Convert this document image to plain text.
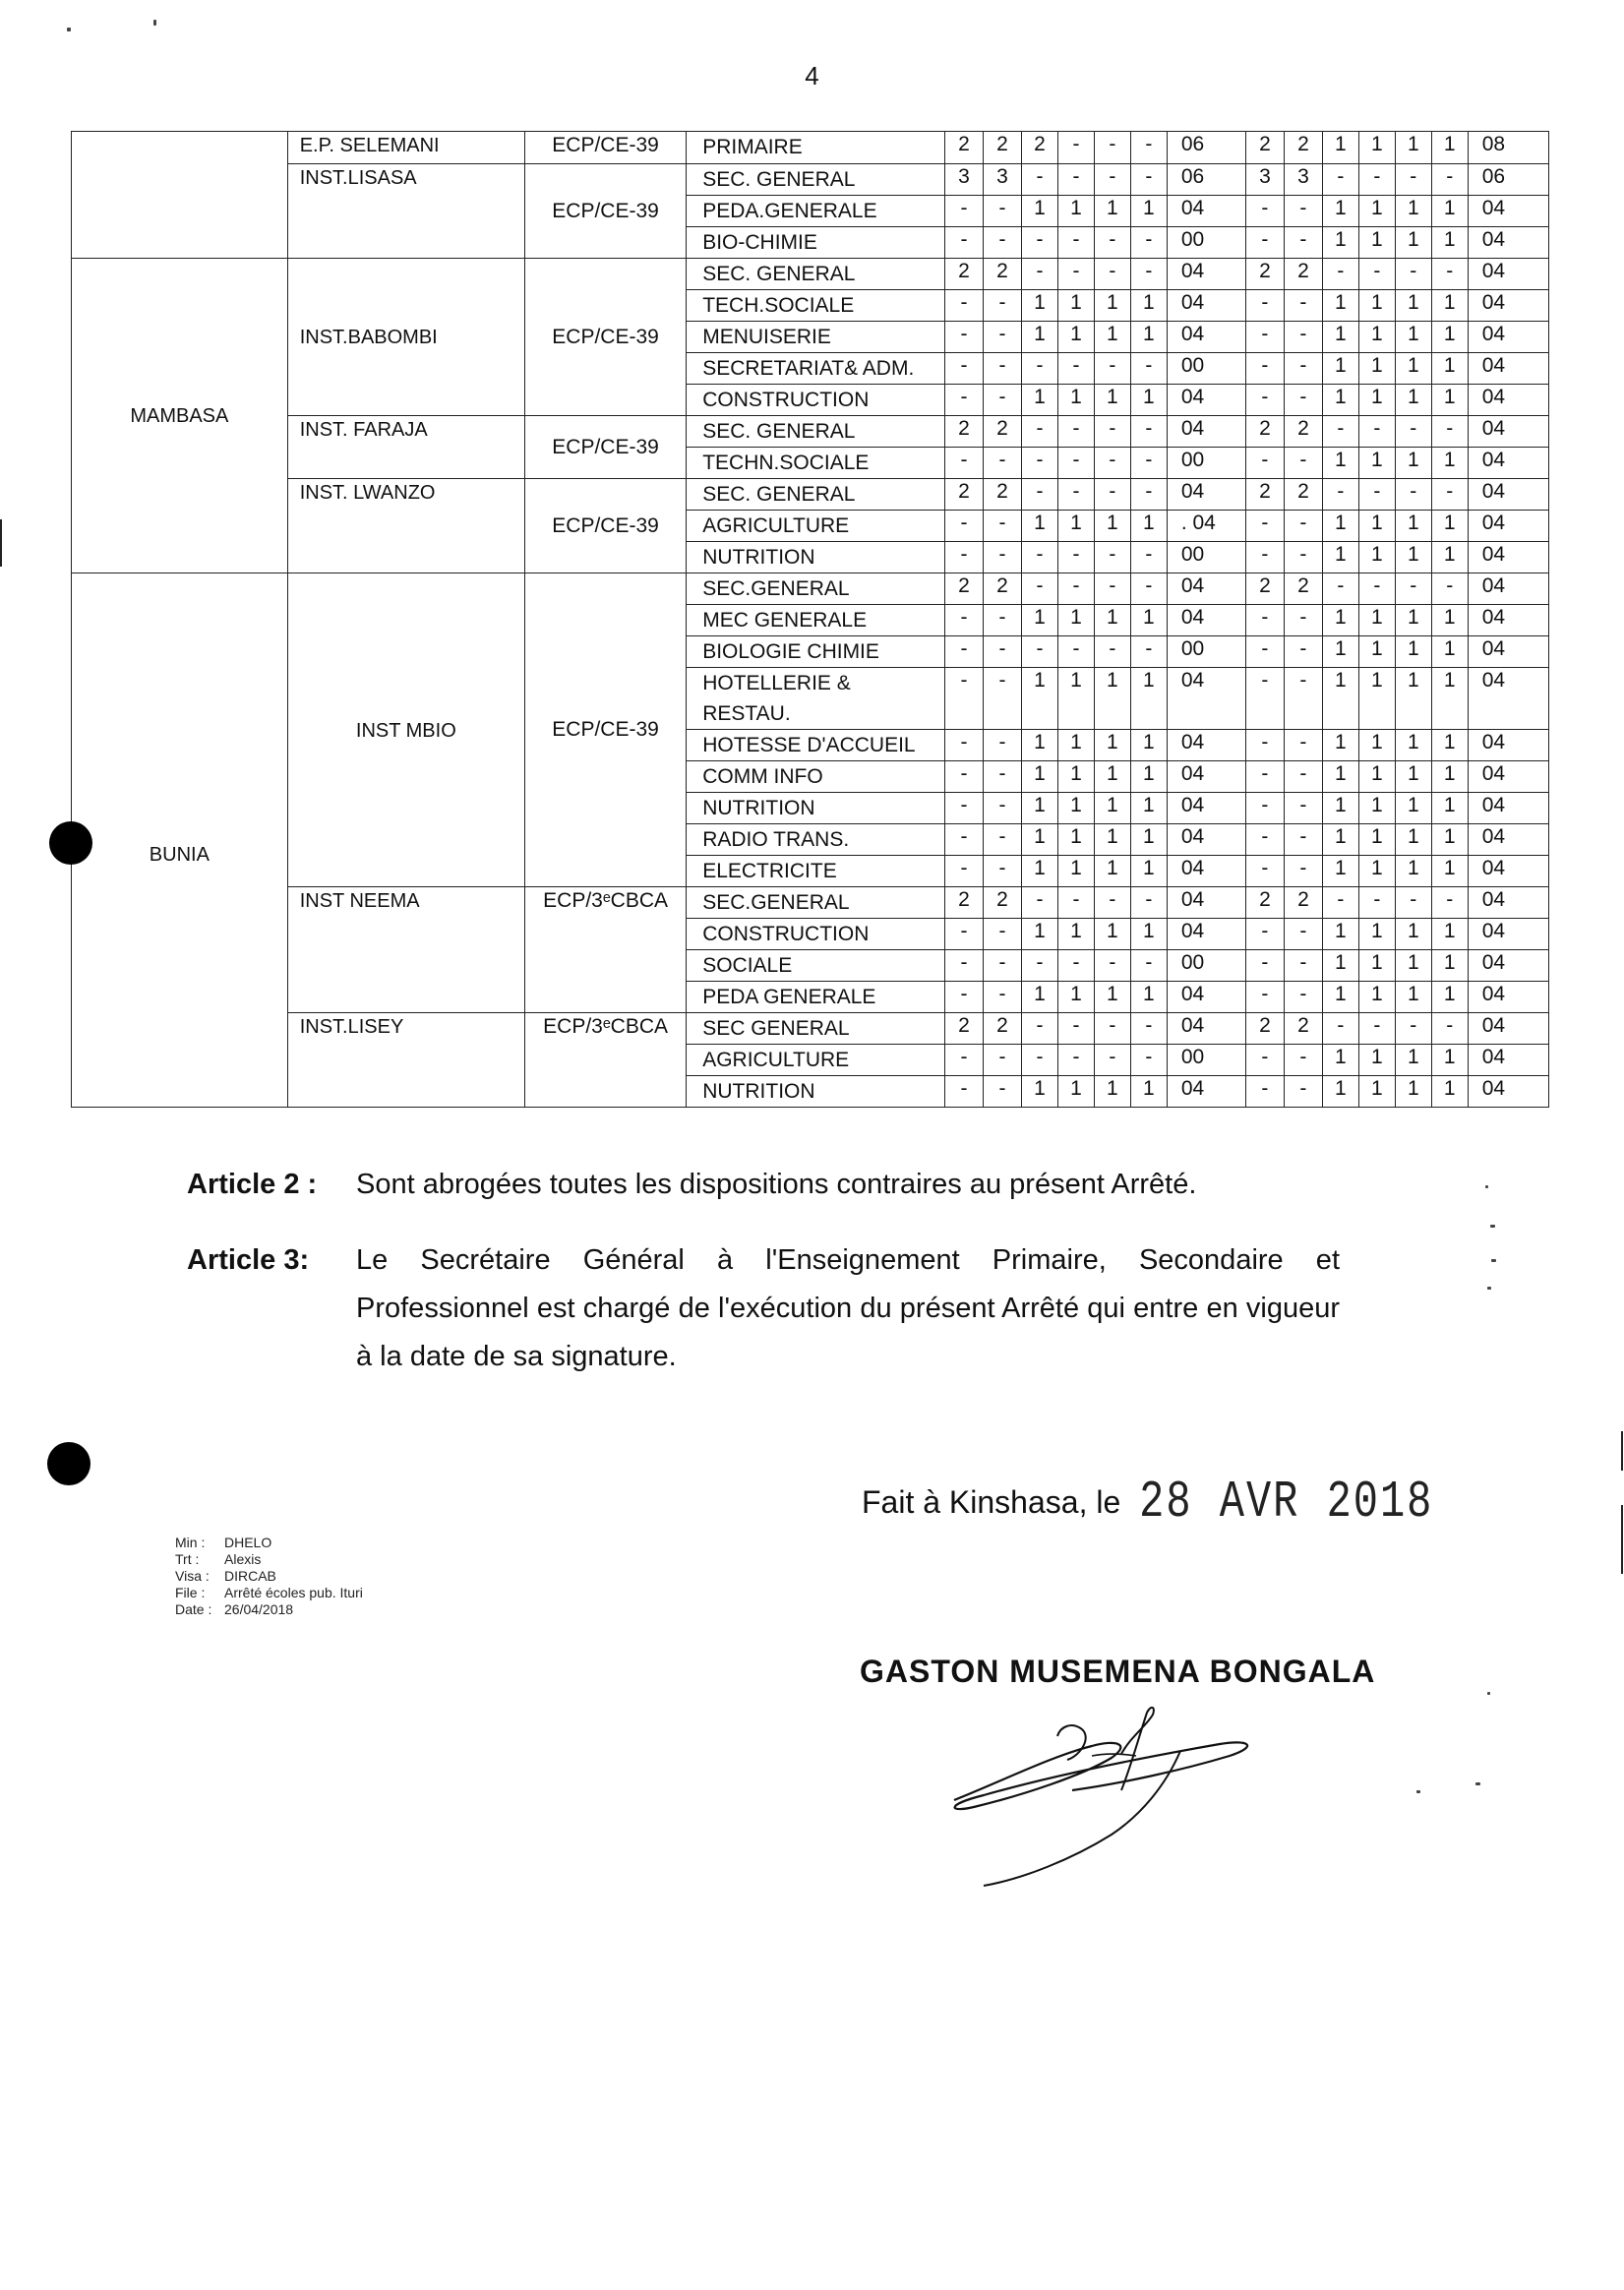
4
	E.P. SELEMANI	ECP/CE-39	PRIMAIRE	2	2	2	-	-	-	06	2	2	1	1	1	1	08
	INST.LISASA	ECP/CE-39	SEC. GENERAL	3	3	-	-	-	-	06	3	3	-	-	-	-	06
			PEDA.GENERALE	-	-	1	1	1	1	04	-	-	1	1	1	1	04
			BIO-CHIMIE	-	-	-	-	-	-	00	-	-	1	1	1	1	04
MAMBASA	INST.BABOMBI	ECP/CE-39	SEC. GENERAL	2	2	-	-	-	-	04	2	2	-	-	-	-	04
			TECH.SOCIALE	-	-	1	1	1	1	04	-	-	1	1	1	1	04
			MENUISERIE	-	-	1	1	1	1	04	-	-	1	1	1	1	04
			SECRETARIAT& ADM.	-	-	-	-	-	-	00	-	-	1	1	1	1	04
			CONSTRUCTION	-	-	1	1	1	1	04	-	-	1	1	1	1	04
	INST. FARAJA	ECP/CE-39	SEC. GENERAL	2	2	-	-	-	-	04	2	2	-	-	-	-	04
			TECHN.SOCIALE	-	-	-	-	-	-	00	-	-	1	1	1	1	04
	INST. LWANZO	ECP/CE-39	SEC. GENERAL	2	2	-	-	-	-	04	2	2	-	-	-	-	04
			AGRICULTURE	-	-	1	1	1	1	. 04	-	-	1	1	1	1	04
			NUTRITION	-	-	-	-	-	-	00	-	-	1	1	1	1	04
BUNIA	INST MBIO	ECP/CE-39	SEC.GENERAL	2	2	-	-	-	-	04	2	2	-	-	-	-	04
			MEC GENERALE	-	-	1	1	1	1	04	-	-	1	1	1	1	04
			BIOLOGIE CHIMIE	-	-	-	-	-	-	00	-	-	1	1	1	1	04
			HOTELLERIE & RESTAU.	-	-	1	1	1	1	04	-	-	1	1	1	1	04
			HOTESSE D'ACCUEIL	-	-	1	1	1	1	04	-	-	1	1	1	1	04
			COMM INFO	-	-	1	1	1	1	04	-	-	1	1	1	1	04
			NUTRITION	-	-	1	1	1	1	04	-	-	1	1	1	1	04
			RADIO TRANS.	-	-	1	1	1	1	04	-	-	1	1	1	1	04
			ELECTRICITE	-	-	1	1	1	1	04	-	-	1	1	1	1	04
	INST NEEMA	ECP/3ᵉCBCA	SEC.GENERAL	2	2	-	-	-	-	04	2	2	-	-	-	-	04
			CONSTRUCTION	-	-	1	1	1	1	04	-	-	1	1	1	1	04
			SOCIALE	-	-	-	-	-	-	00	-	-	1	1	1	1	04
			PEDA GENERALE	-	-	1	1	1	1	04	-	-	1	1	1	1	04
	INST.LISEY	ECP/3ᵉCBCA	SEC GENERAL	2	2	-	-	-	-	04	2	2	-	-	-	-	04
			AGRICULTURE	-	-	-	-	-	-	00	-	-	1	1	1	1	04
			NUTRITION	-	-	1	1	1	1	04	-	-	1	1	1	1	04
Article 2 : Sont abrogées toutes les dispositions contraires au présent Arrêté.
Article 3: Le Secrétaire Général à l'Enseignement Primaire, Secondaire et Professionnel est chargé de l'exécution du présent Arrêté qui entre en vigueur à la date de sa signature.
Fait à Kinshasa, le 28 AVR 2018
GASTON MUSEMENA BONGALA
Min : DHELO
Trt : Alexis
Visa : DIRCAB
File : Arrêté écoles pub. Ituri
Date : 26/04/2018
